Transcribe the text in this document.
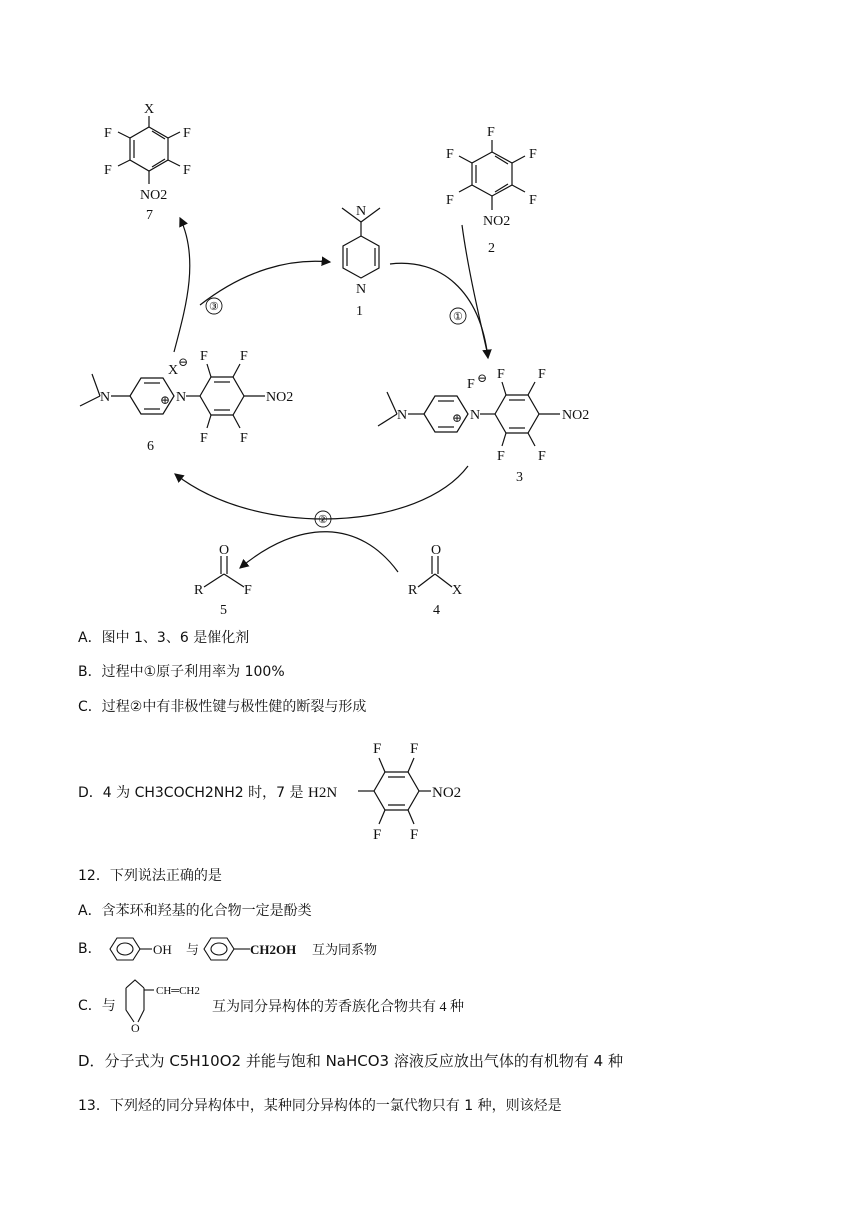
③
①
②
X
F	F
F	F
NO2
7
F
F	F
F	F
NO2
2
N
N
1
N	N
X
F F
F F
NO2
6
N	N
F
F F
F F
NO2
3
O
R	F
5
O
R X
4
⊖
⊕
⊖
⊕
A．图中 1、3、6 是催化剂
B．过程中①原子利用率为 100%
C．过程②中有非极性键与极性健的断裂与形成
D．4 为 CH3COCH2NH2 时，7 是
F F
F F
H2N	NO2
12．下列说法正确的是
A．含苯环和羟基的化合物一定是酚类
B．	OH 与	CH2OH 互为同系物
C．与
O
CH═CH2
互为同分异构体的芳香族化合物共有 4 种
D．分子式为 C5H10O2 并能与饱和 NaHCO3 溶液反应放出气体的有机物有 4 种
13．下列烃的同分异构体中，某种同分异构体的一氯代物只有 1 种，则该烃是
